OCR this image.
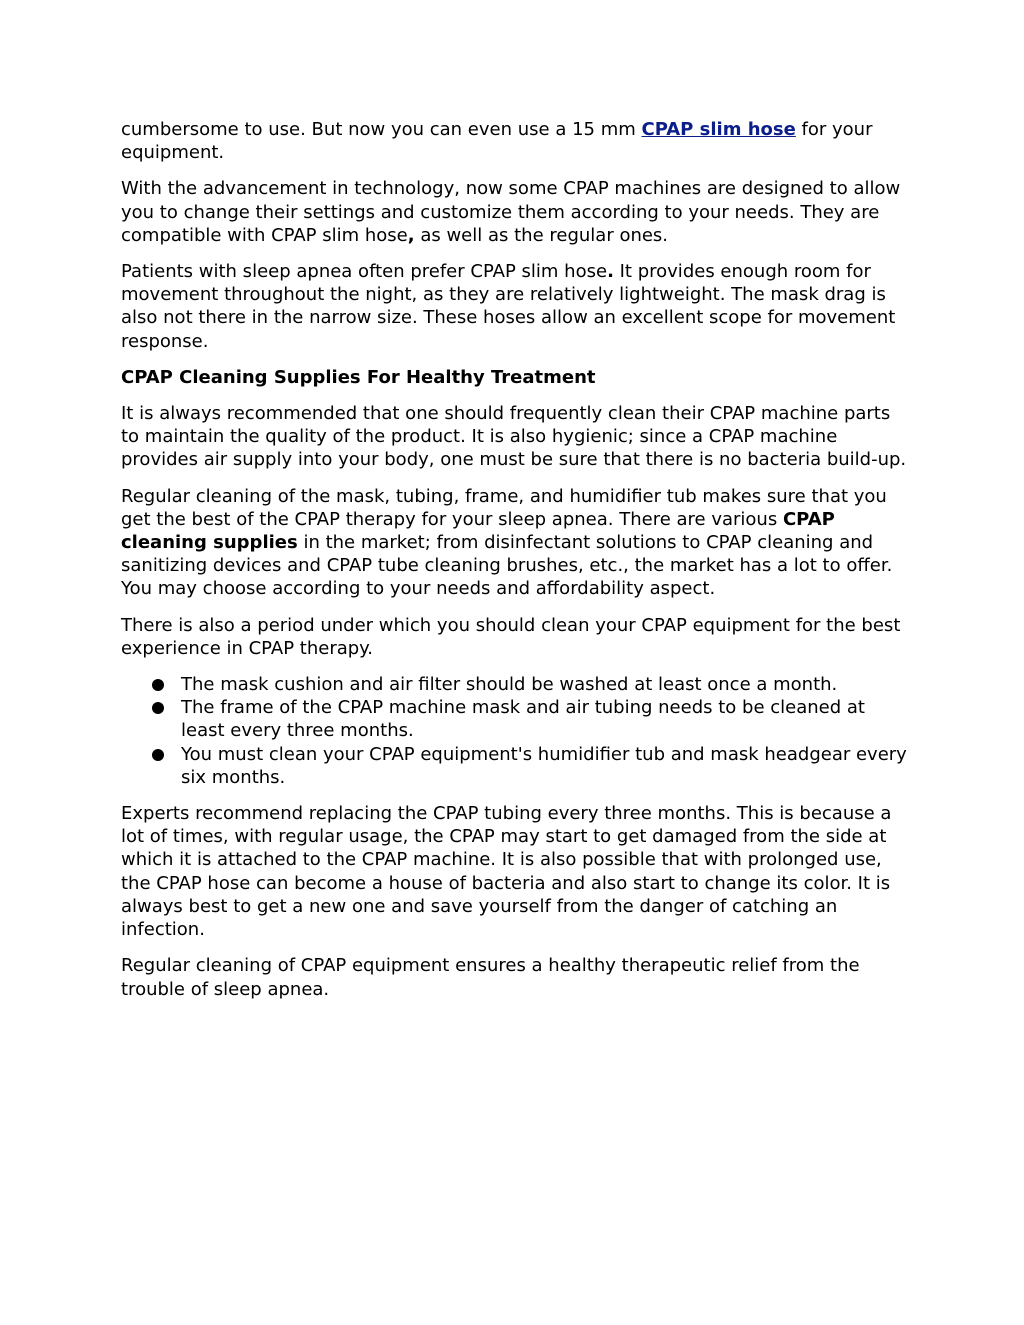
cumbersome to use. But now you can even use a 15 mm CPAP slim hose for your equipment.

With the advancement in technology, now some CPAP machines are designed to allow you to change their settings and customize them according to your needs. They are compatible with CPAP slim hose, as well as the regular ones.

Patients with sleep apnea often prefer CPAP slim hose. It provides enough room for movement throughout the night, as they are relatively lightweight. The mask drag is also not there in the narrow size. These hoses allow an excellent scope for movement response.

CPAP Cleaning Supplies For Healthy Treatment

It is always recommended that one should frequently clean their CPAP machine parts to maintain the quality of the product. It is also hygienic; since a CPAP machine provides air supply into your body, one must be sure that there is no bacteria build-up.

Regular cleaning of the mask, tubing, frame, and humidifier tub makes sure that you get the best of the CPAP therapy for your sleep apnea. There are various CPAP cleaning supplies in the market; from disinfectant solutions to CPAP cleaning and sanitizing devices and CPAP tube cleaning brushes, etc., the market has a lot to offer. You may choose according to your needs and affordability aspect.

There is also a period under which you should clean your CPAP equipment for the best experience in CPAP therapy.

The mask cushion and air filter should be washed at least once a month.
The frame of the CPAP machine mask and air tubing needs to be cleaned at least every three months.
You must clean your CPAP equipment's humidifier tub and mask headgear every six months.

Experts recommend replacing the CPAP tubing every three months. This is because a lot of times, with regular usage, the CPAP may start to get damaged from the side at which it is attached to the CPAP machine. It is also possible that with prolonged use, the CPAP hose can become a house of bacteria and also start to change its color. It is always best to get a new one and save yourself from the danger of catching an infection.

Regular cleaning of CPAP equipment ensures a healthy therapeutic relief from the trouble of sleep apnea.
